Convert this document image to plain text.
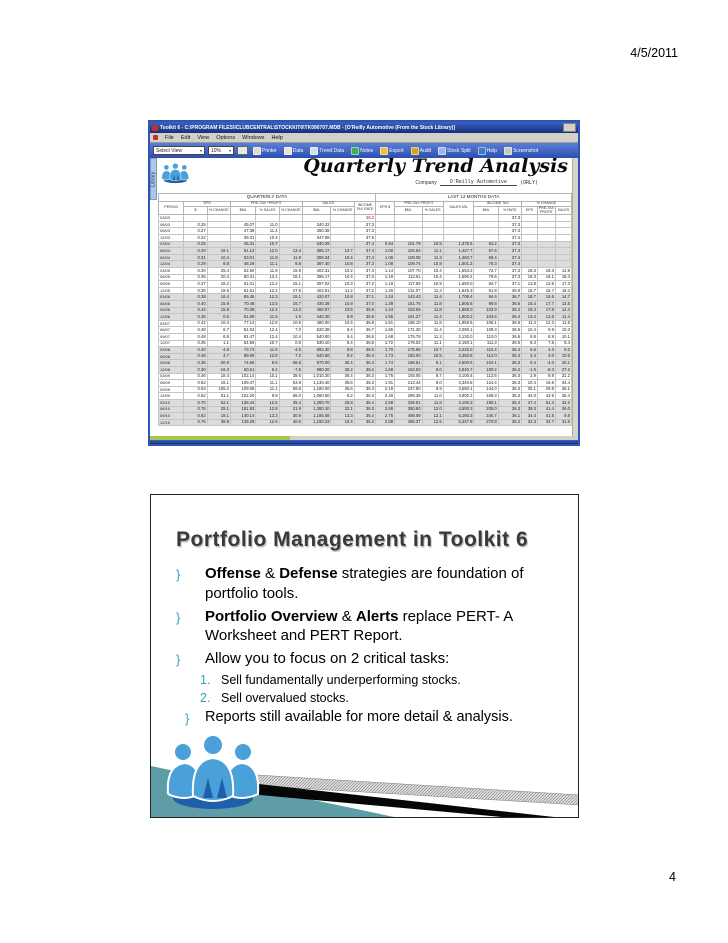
4/5/2011
Toolkit 6 - C:\PROGRAM FILES\ICLUBCENTRAL\STOCKKIT6\TK090707.MDB - [O'Reilly Automotive (From the Stock Library)]
File Edit View Options Windows Help
Select View	▾ 10% ▾	Printer	Data	Trend Data	Notes	Export	Audit	Stock Split	Help	Screenshot
Library
Quarterly Trend Analysis
Company	O'Reilly Automotive	(ORLY)
QUARTERLY DATA									LAST 12 MONTHS DATA								
PERIOD	EPS		PRE-TAX *PROFIT			SALES		INCOME TAX RATE	EPS $	PRE-TAX PROFIT		SALES MIL	INCOME TAX		% CHANGE		
	$	% CHANGE	$ML	% SALES	% CHANGE	$ML	% CHANGE			$ML	% SALES		$ML	% RATE	EPS	PRE-TAX PROFIT	SALES
03/03								38.3						37.3			
06/03	0.25		45.07	11.0		340.32		37.3						37.3			
09/03	0.27		47.38	11.4		350.38		37.3						37.4			
12/03	0.22		39.31	10.4		347.08		37.5						37.4			
03/04	0.25		45.31	10.7		340.29		37.4	0.94	101.79	10.9	1,375.6	64.2	37.3			
06/04	0.29	18.1	51.13	12.0	13.4	385.17	10.7	37.4	1.00	104.64	11.1	1,427.7	67.6	37.4			
09/04	0.31	10.4	53.01	11.9	11.9	389.34	10.4	37.4	1.06	108.08	11.3	1,460.7	68.4	37.4			
12/04	0.29	8.8	48.29	11.1	9.8	387.40	10.8	37.3	1.08	109.74	10.9	1,501.3	70.3	37.4			
03/05	0.30	25.4	52.50	11.9	15.9	402.31	10.2	37.3	1.14	107.70	10.4	1,553.2	72.7	37.3	18.3	18.3	12.9
06/05	0.35	20.4	60.31	13.1	18.1	395.17	10.4	37.3	1.18	113.51	10.4	1,590.2	79.6	37.3	18.3	16.1	15.4
09/05	0.37	18.2	61.01	12.2	15.1	397.02	10.3	37.2	1.19	117.59	10.9	1,650.0	84.7	37.1	13.8	13.9	17.3
12/05	0.35	19.5	61.61	12.2	27.6	402.61	11.2	37.2	1.26	131.07	11.3	1,645.3	91.8	36.8	16.7	15.7	16.4
03/06	0.38	16.4	65.45	12.3	15.1	420.07	10.8	37.1	1.34	143.43	11.4	1,708.4	94.4	36.7	18.7	16.6	14.7
06/06	0.40	15.9	70.48	13.5	16.7	430.38	10.9	37.0	1.39	151.75	11.8	1,805.8	99.8	36.6	18.4	17.7	13.5
09/06	0.42	15.8	70.38	12.4	13.3	450.07	10.5	36.9	1.44	153.55	11.8	1,858.0	103.9	36.4	19.4	17.8	14.4
12/06	0.35	0.6	61.08	11.5	1.9	440.30	9.9	36.8	1.55	161.27	11.4	1,903.2	103.6	36.4	13.4	12.6	11.4
03/07	0.42	10.4	77.14	12.6	10.6	480.00	10.4	36.8	1.61	166.10	11.5	1,959.6	106.1	36.6	11.4	12.3	11.5
06/07	0.48	6.7	81.04	12.4	7.0	520.38	8.4	36.7	1.65	171.30	11.4	2,090.1	108.3	36.6	10.4	9.8	10.3
09/07	0.48	6.8	81.47	12.4	10.4	540.00	9.4	36.6	1.68	175.78	11.3	2,130.0	110.0	36.5	9.8	8.9	10.1
12/07	0.35	1.1	64.59	10.7	0.6	530.10	8.4	36.6	1.72	179.02	11.1	2,150.1	111.3	36.5	8.4	7.8	9.4
03/08	0.40	-4.8	73.73	11.6	-4.5	584.30	8.8	36.5	1.70	175.65	10.7	2,233.0	110.4	36.4	5.6	4.3	9.3
06/08	0.46	4.7	89.08	12.8	7.2	640.50	9.2	36.4	1.73	183.00	10.5	2,350.8	112.0	36.4	4.4	4.0	10.6
09/08	0.36	-30.8	74.68	8.6	-36.8	870.00	30.4	36.3	1.74	168.61	9.1	2,600.6	104.1	36.3	0.4	-4.0	20.1
12/08	0.30	-16.3	60.61	6.2	-7.6	980.20	36.2	36.2	1.69	164.63	8.0	2,840.7	100.2	36.2	-1.6	-8.3	27.2
03/09	0.46	18.4	102.14	10.1	38.6	1,010.30	36.4	36.3	1.75	193.05	8.7	3,100.4	112.6	36.3	2.9	9.9	31.2
06/09	0.62	16.1	109.47	11.1	63.8	1,130.40	36.6	36.3	1.91	213.44	9.0	3,340.8	124.4	36.3	10.4	16.6	34.4
09/09	0.63	105.2	109.08	11.1	69.8	1,180.00	35.6	36.3	2.18	247.80	9.9	3,580.1	144.0	36.3	25.1	29.8	36.1
12/09	0.52	51.1	102.20	9.9	68.0	1,060.50	8.2	36.3	2.40	289.38	11.0	3,800.1	168.3	36.3	42.0	43.9	35.4
03/10	0.70	52.1	138.44	12.6	35.4	1,280.70	26.8	36.4	2.58	326.01	11.8	4,100.3	190.1	36.4	47.4	51.3	32.2
06/10	0.76	25.1	151.93	12.8	21.9	1,380.10	22.1	36.3	2.66	350.60	12.0	4,500.3	205.0	36.3	39.3	41.4	26.0
09/10	0.82	18.1	140.14	13.3	30.6	1,185.08	13.3	36.4	2.75	458.08	12.1	5,180.3	240.7	36.1	34.4	41.5	9.8
12/10	0.76	36.9	149.28	12.6	40.6	1,150.33	16.4	36.2	2.88	466.37	12.6	5,347.8	270.8	36.2	32.3	34.7	31.6
Portfolio Management in Toolkit 6
}	Offense & Defense strategies are foundation of portfolio tools.
}	Portfolio Overview & Alerts replace PERT- A Worksheet and PERT Report.
}	Allow you to focus on 2 critical tasks:
1. Sell fundamentally underperforming stocks.
2. Sell overvalued stocks.
}	Reports still available for more detail & analysis.
4
